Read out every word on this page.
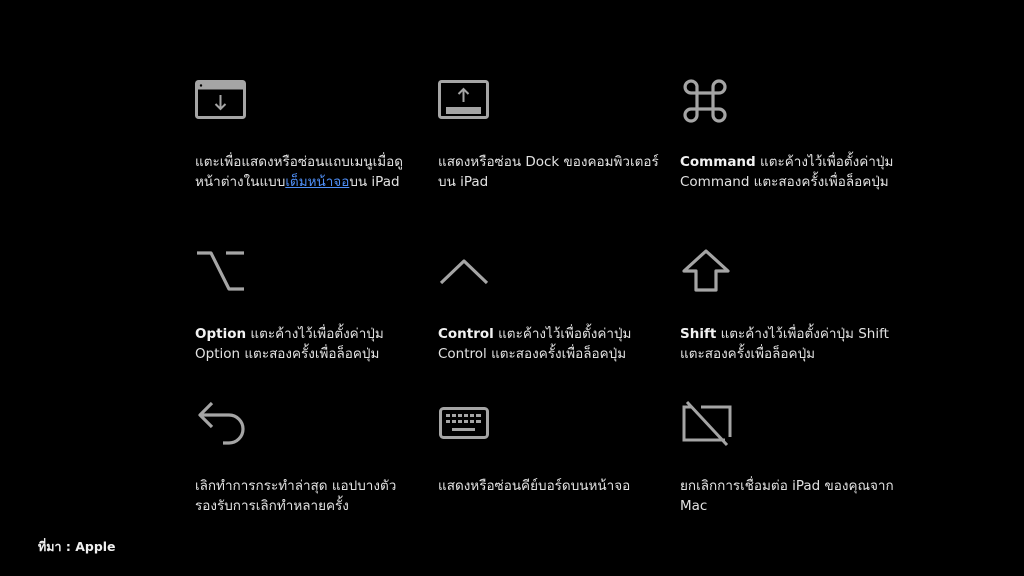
แตะเพื่อแสดงหรือซ่อนแถบเมนูเมื่อดูหน้าต่างในแบบเต็มหน้าจอบน iPad

แสดงหรือซ่อน Dock ของคอมพิวเตอร์บน iPad

Command แตะค้างไว้เพื่อตั้งค่าปุ่ม Command แตะสองครั้งเพื่อล็อคปุ่ม

Option แตะค้างไว้เพื่อตั้งค่าปุ่ม Option แตะสองครั้งเพื่อล็อคปุ่ม

Control แตะค้างไว้เพื่อตั้งค่าปุ่ม Control แตะสองครั้งเพื่อล็อคปุ่ม

Shift แตะค้างไว้เพื่อตั้งค่าปุ่ม Shift แตะสองครั้งเพื่อล็อคปุ่ม

เลิกทำการกระทำล่าสุด แอปบางตัวรองรับการเลิกทำหลายครั้ง

แสดงหรือซ่อนคีย์บอร์ดบนหน้าจอ	ยกเลิกการเชื่อมต่อ iPad ของคุณจาก Mac

ที่มา : Apple
